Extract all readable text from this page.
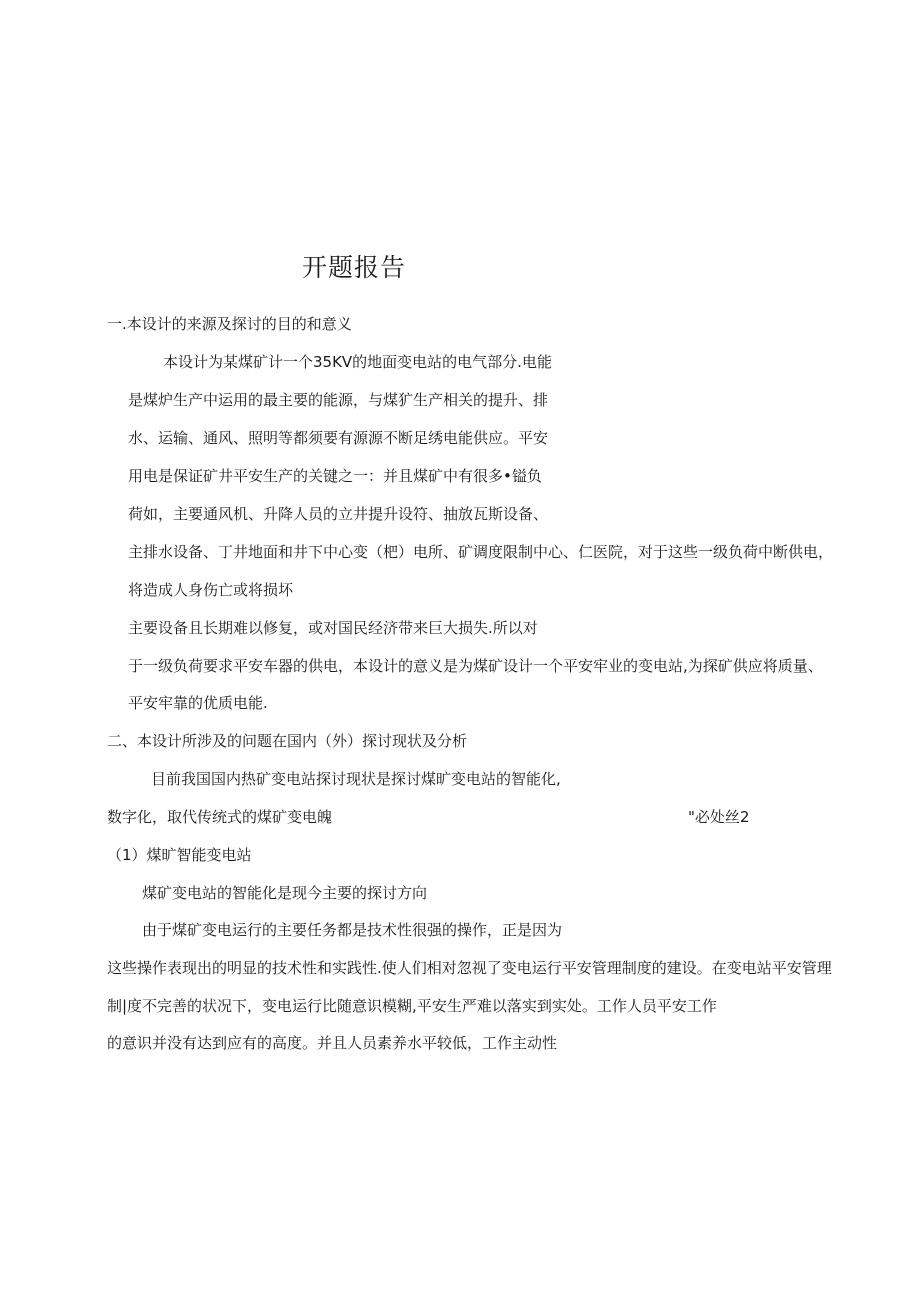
开题报告
一.本设计的来源及探讨的目的和意义
本设计为某煤矿计一个35KV的地面变电站的电气部分.电能
是煤炉生产中运用的最主要的能源，与煤犷生产相关的提升、排
水、运输、通风、照明等都须要有源源不断足绣电能供应。平安
用电是保证矿井平安生产的关键之一：并且煤矿中有很多•镒负
荷如，主要通风机、升降人员的立井提升设符、抽放瓦斯设备、
主排水设备、丁井地面和井下中心变（杷）电所、矿调度限制中心、仁医院，对于这些一级负荷中断供电，
将造成人身伤亡或将损坏
主要设备且长期难以修复，或对国民经济带来巨大损失.所以对
于一级负荷要求平安车器的供电，本设计的意义是为煤矿设计一个平安牢业的变电站,为探矿供应将质量、
平安牢靠的优质电能.
二、本设计所涉及的问题在国内（外）探讨现状及分析
目前我国国内热矿变电站探讨现状是探讨煤旷变电站的智能化,
数字化，取代传统式的煤矿变电魄	"必处丝2
（1）煤旷智能变电站
煤矿变电站的智能化是现今主要的探讨方向
由于煤矿变电运行的主要任务都是技术性很强的操作，正是因为
这些操作表现出的明显的技术性和实践性.使人们相对忽视了变电运行平安管理制度的建设。在变电站平安管理
制|度不完善的状况下，变电运行比随意识模糊,平安生严难以落实到实处。工作人员平安工作
的意识并没有达到应有的高度。并且人员素养水平较低，工作主动性
